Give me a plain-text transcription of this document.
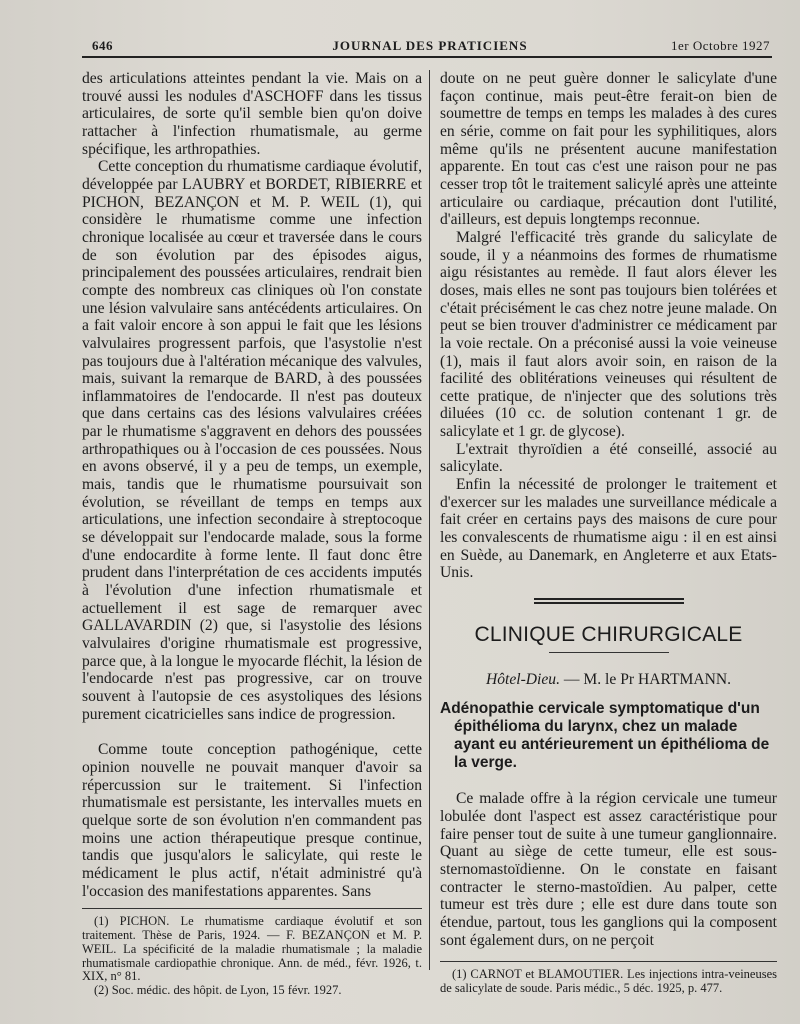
646	JOURNAL DES PRATICIENS	1er Octobre 1927

des articulations atteintes pendant la vie. Mais on a trouvé aussi les nodules d'ASCHOFF dans les tissus articulaires, de sorte qu'il semble bien qu'on doive rattacher à l'infection rhumatismale, au germe spécifique, les arthropathies.

Cette conception du rhumatisme cardiaque évolutif, développée par LAUBRY et BORDET, RIBIERRE et PICHON, BEZANÇON et M. P. WEIL (1), qui considère le rhumatisme comme une infection chronique localisée au cœur et traversée dans le cours de son évolution par des épisodes aigus, principalement des poussées articulaires, rendrait bien compte des nombreux cas cliniques où l'on constate une lésion valvulaire sans antécédents articulaires. On a fait valoir encore à son appui le fait que les lésions valvulaires progressent parfois, que l'asystolie n'est pas toujours due à l'altération mécanique des valvules, mais, suivant la remarque de BARD, à des poussées inflammatoires de l'endocarde. Il n'est pas douteux que dans certains cas des lésions valvulaires créées par le rhumatisme s'aggravent en dehors des poussées arthropathiques ou à l'occasion de ces poussées. Nous en avons observé, il y a peu de temps, un exemple, mais, tandis que le rhumatisme poursuivait son évolution, se réveillant de temps en temps aux articulations, une infection secondaire à streptocoque se développait sur l'endocarde malade, sous la forme d'une endocardite à forme lente. Il faut donc être prudent dans l'interprétation de ces accidents imputés à l'évolution d'une infection rhumatismale et actuellement il est sage de remarquer avec GALLAVARDIN (2) que, si l'asystolie des lésions valvulaires d'origine rhumatismale est progressive, parce que, à la longue le myocarde fléchit, la lésion de l'endocarde n'est pas progressive, car on trouve souvent à l'autopsie de ces asystoliques des lésions purement cicatricielles sans indice de progression.

Comme toute conception pathogénique, cette opinion nouvelle ne pouvait manquer d'avoir sa répercussion sur le traitement. Si l'infection rhumatismale est persistante, les intervalles muets en quelque sorte de son évolution n'en commandent pas moins une action thérapeutique presque continue, tandis que jusqu'alors le salicylate, qui reste le médicament le plus actif, n'était administré qu'à l'occasion des manifestations apparentes. Sans

(1) PICHON. Le rhumatisme cardiaque évolutif et son traitement. Thèse de Paris, 1924. — F. BEZANÇON et M. P. WEIL. La spécificité de la maladie rhumatismale ; la maladie rhumatismale cardiopathie chronique. Ann. de méd., févr. 1926, t. XIX, n° 81.

(2) Soc. médic. des hôpit. de Lyon, 15 févr. 1927.

doute on ne peut guère donner le salicylate d'une façon continue, mais peut-être ferait-on bien de soumettre de temps en temps les malades à des cures en série, comme on fait pour les syphilitiques, alors même qu'ils ne présentent aucune manifestation apparente. En tout cas c'est une raison pour ne pas cesser trop tôt le traitement salicylé après une atteinte articulaire ou cardiaque, précaution dont l'utilité, d'ailleurs, est depuis longtemps reconnue.

Malgré l'efficacité très grande du salicylate de soude, il y a néanmoins des formes de rhumatisme aigu résistantes au remède. Il faut alors élever les doses, mais elles ne sont pas toujours bien tolérées et c'était précisément le cas chez notre jeune malade. On peut se bien trouver d'administrer ce médicament par la voie rectale. On a préconisé aussi la voie veineuse (1), mais il faut alors avoir soin, en raison de la facilité des oblitérations veineuses qui résultent de cette pratique, de n'injecter que des solutions très diluées (10 cc. de solution contenant 1 gr. de salicylate et 1 gr. de glycose).

L'extrait thyroïdien a été conseillé, associé au salicylate.

Enfin la nécessité de prolonger le traitement et d'exercer sur les malades une surveillance médicale a fait créer en certains pays des maisons de cure pour les convalescents de rhumatisme aigu : il en est ainsi en Suède, au Danemark, en Angleterre et aux Etats-Unis.

CLINIQUE CHIRURGICALE
Hôtel-Dieu. — M. le Pr HARTMANN.
Adénopathie cervicale symptomatique d'un
épithélioma du larynx, chez un malade
ayant eu antérieurement un épithélioma de
la verge.

Ce malade offre à la région cervicale une tumeur lobulée dont l'aspect est assez caractéristique pour faire penser tout de suite à une tumeur ganglionnaire. Quant au siège de cette tumeur, elle est sous-sternomastoïdienne. On le constate en faisant contracter le sterno-mastoïdien. Au palper, cette tumeur est très dure ; elle est dure dans toute son étendue, partout, tous les ganglions qui la composent sont également durs, on ne perçoit

(1) CARNOT et BLAMOUTIER. Les injections intra-veineuses de salicylate de soude. Paris médic., 5 déc. 1925, p. 477.
